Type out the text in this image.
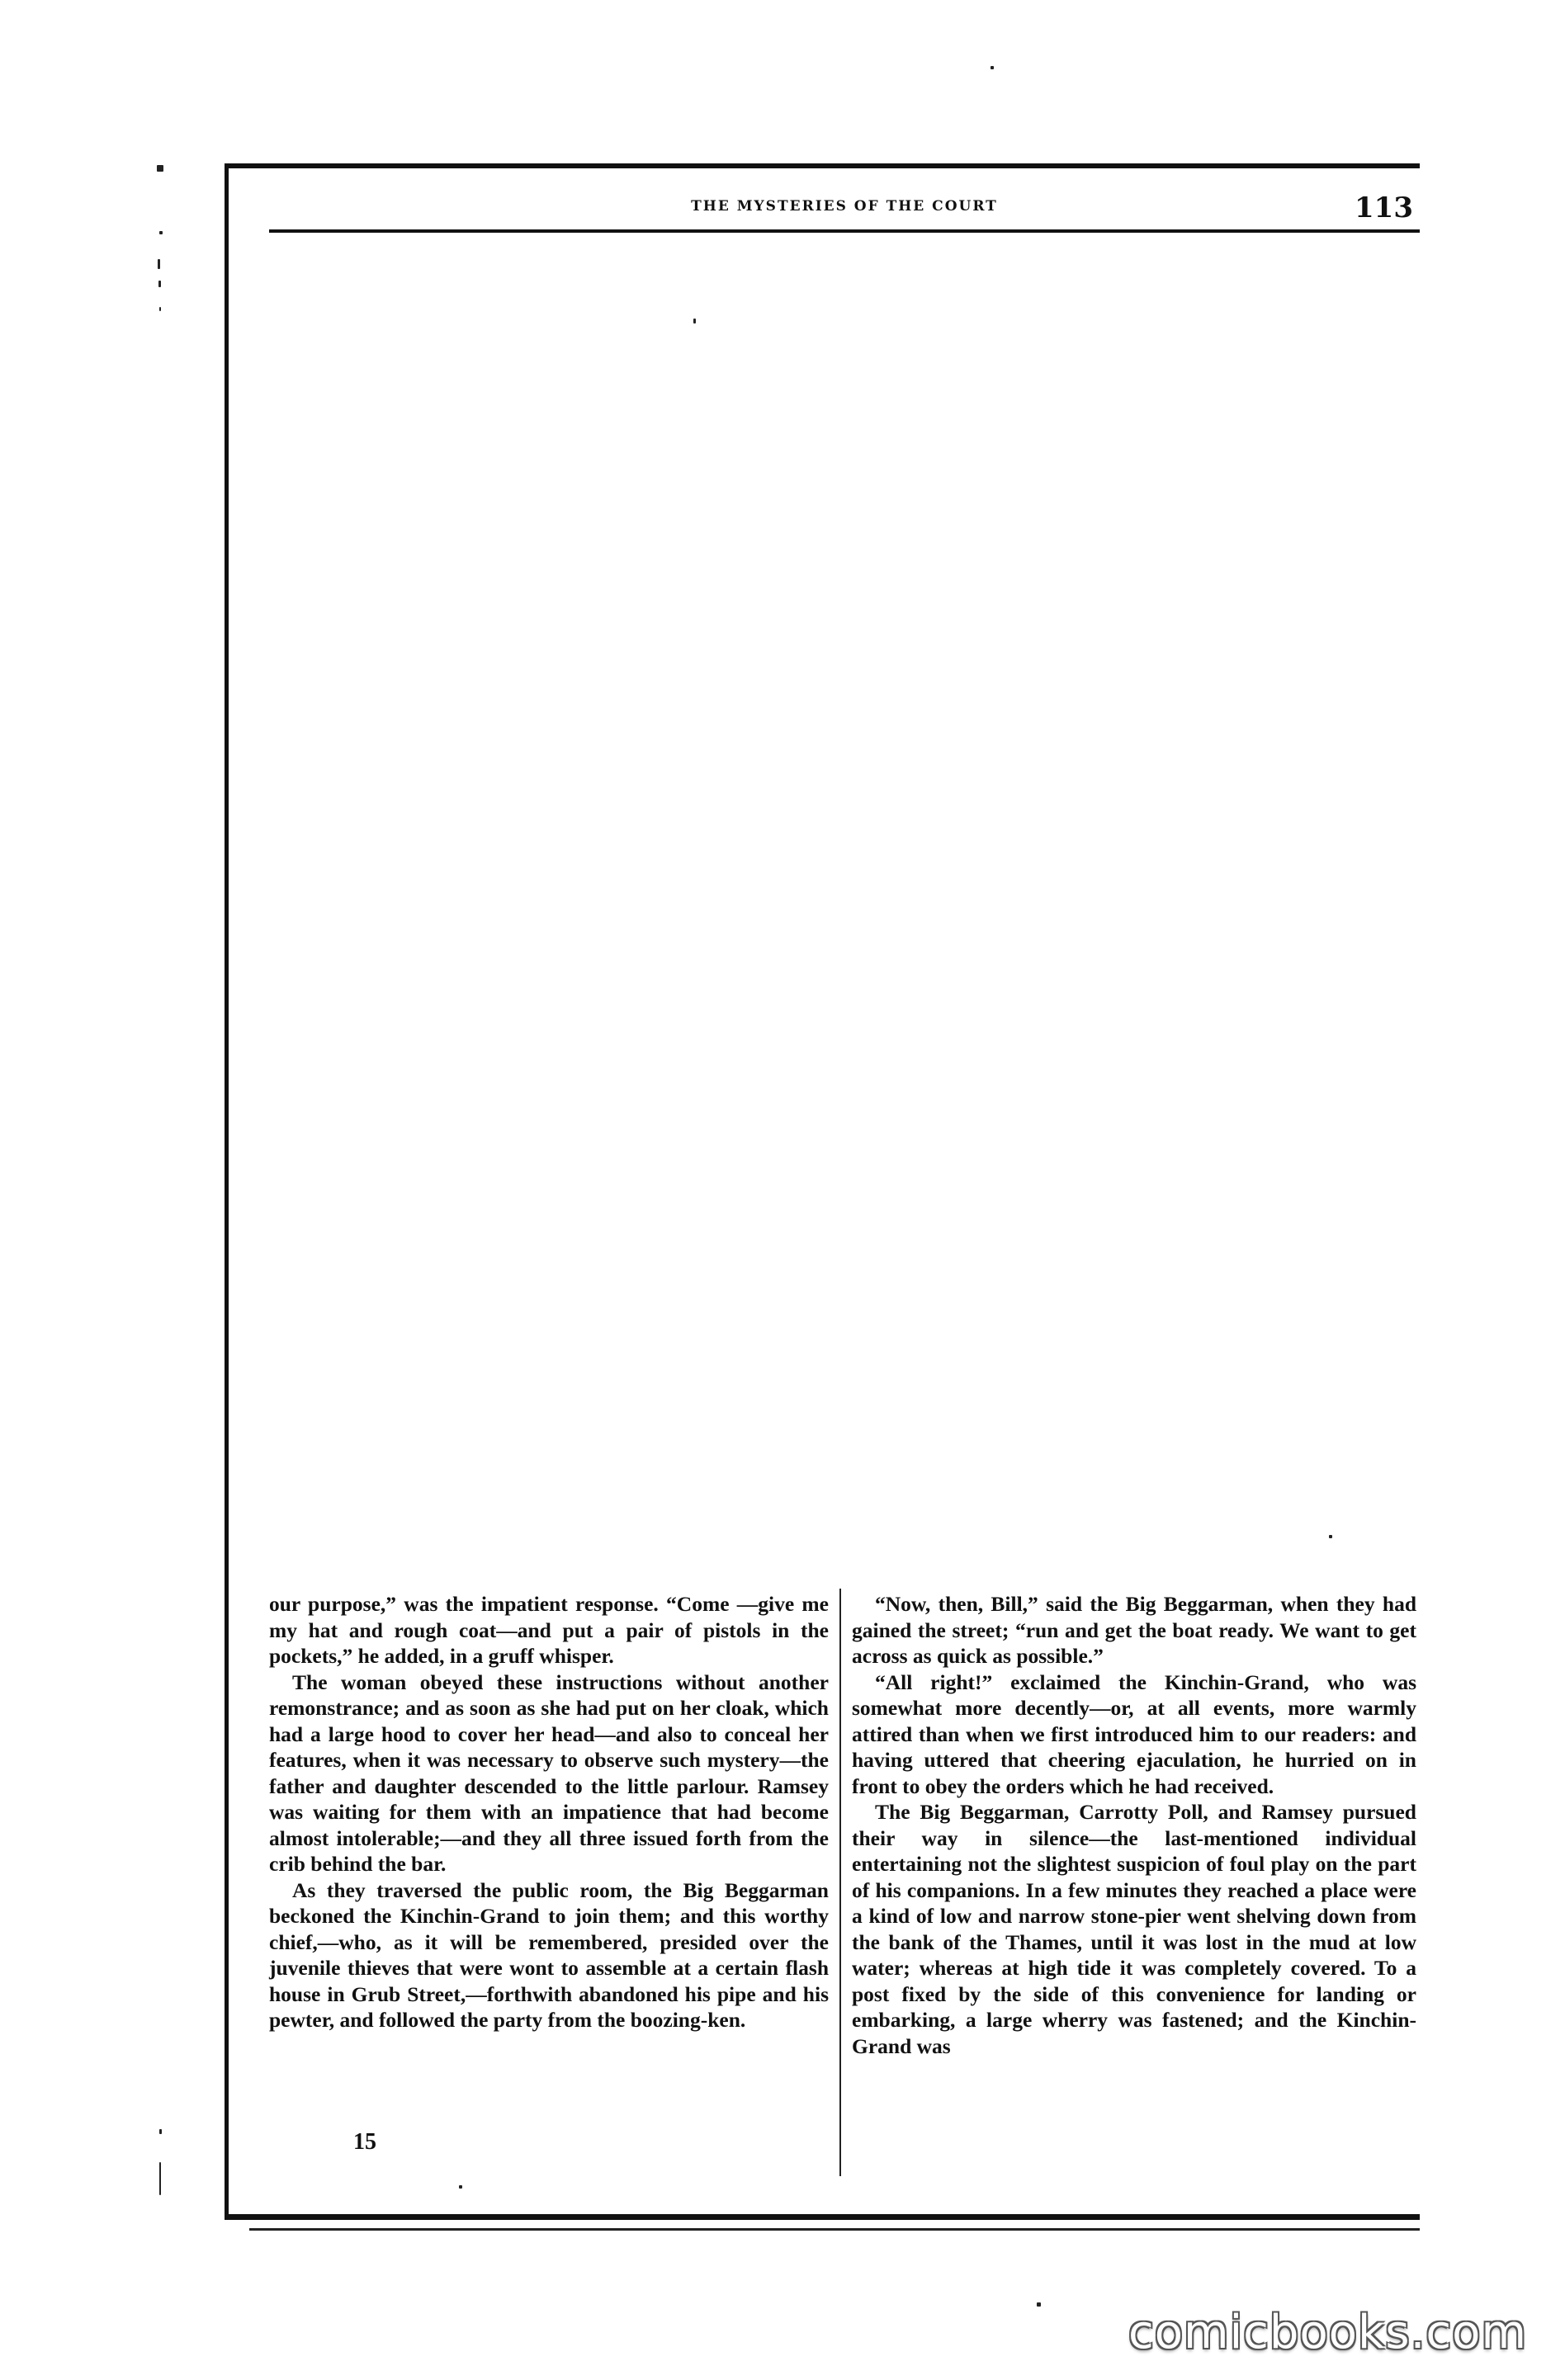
THE MYSTERIES OF THE COURT	113

our purpose,” was the impatient response. “Come —give me my hat and rough coat—and put a pair of pistols in the pockets,” he added, in a gruff whisper.

The woman obeyed these instructions without another remonstrance; and as soon as she had put on her cloak, which had a large hood to cover her head—and also to conceal her features, when it was necessary to observe such mystery—the father and daughter descended to the little parlour. Ramsey was waiting for them with an impatience that had become almost intolerable;—and they all three issued forth from the crib behind the bar.

As they traversed the public room, the Big Beggarman beckoned the Kinchin-Grand to join them; and this worthy chief,—who, as it will be remembered, presided over the juvenile thieves that were wont to assemble at a certain flash house in Grub Street,—forthwith abandoned his pipe and his pewter, and followed the party from the boozing-ken.

“Now, then, Bill,” said the Big Beggarman, when they had gained the street; “run and get the boat ready. We want to get across as quick as possible.”

“All right!” exclaimed the Kinchin-Grand, who was somewhat more decently—or, at all events, more warmly attired than when we first introduced him to our readers: and having uttered that cheering ejaculation, he hurried on in front to obey the orders which he had received.

The Big Beggarman, Carrotty Poll, and Ramsey pursued their way in silence—the last-mentioned individual entertaining not the slightest suspicion of foul play on the part of his companions. In a few minutes they reached a place were a kind of low and narrow stone-pier went shelving down from the bank of the Thames, until it was lost in the mud at low water; whereas at high tide it was completely covered. To a post fixed by the side of this convenience for landing or embarking, a large wherry was fastened; and the Kinchin-Grand was

15
comicbooks.com
